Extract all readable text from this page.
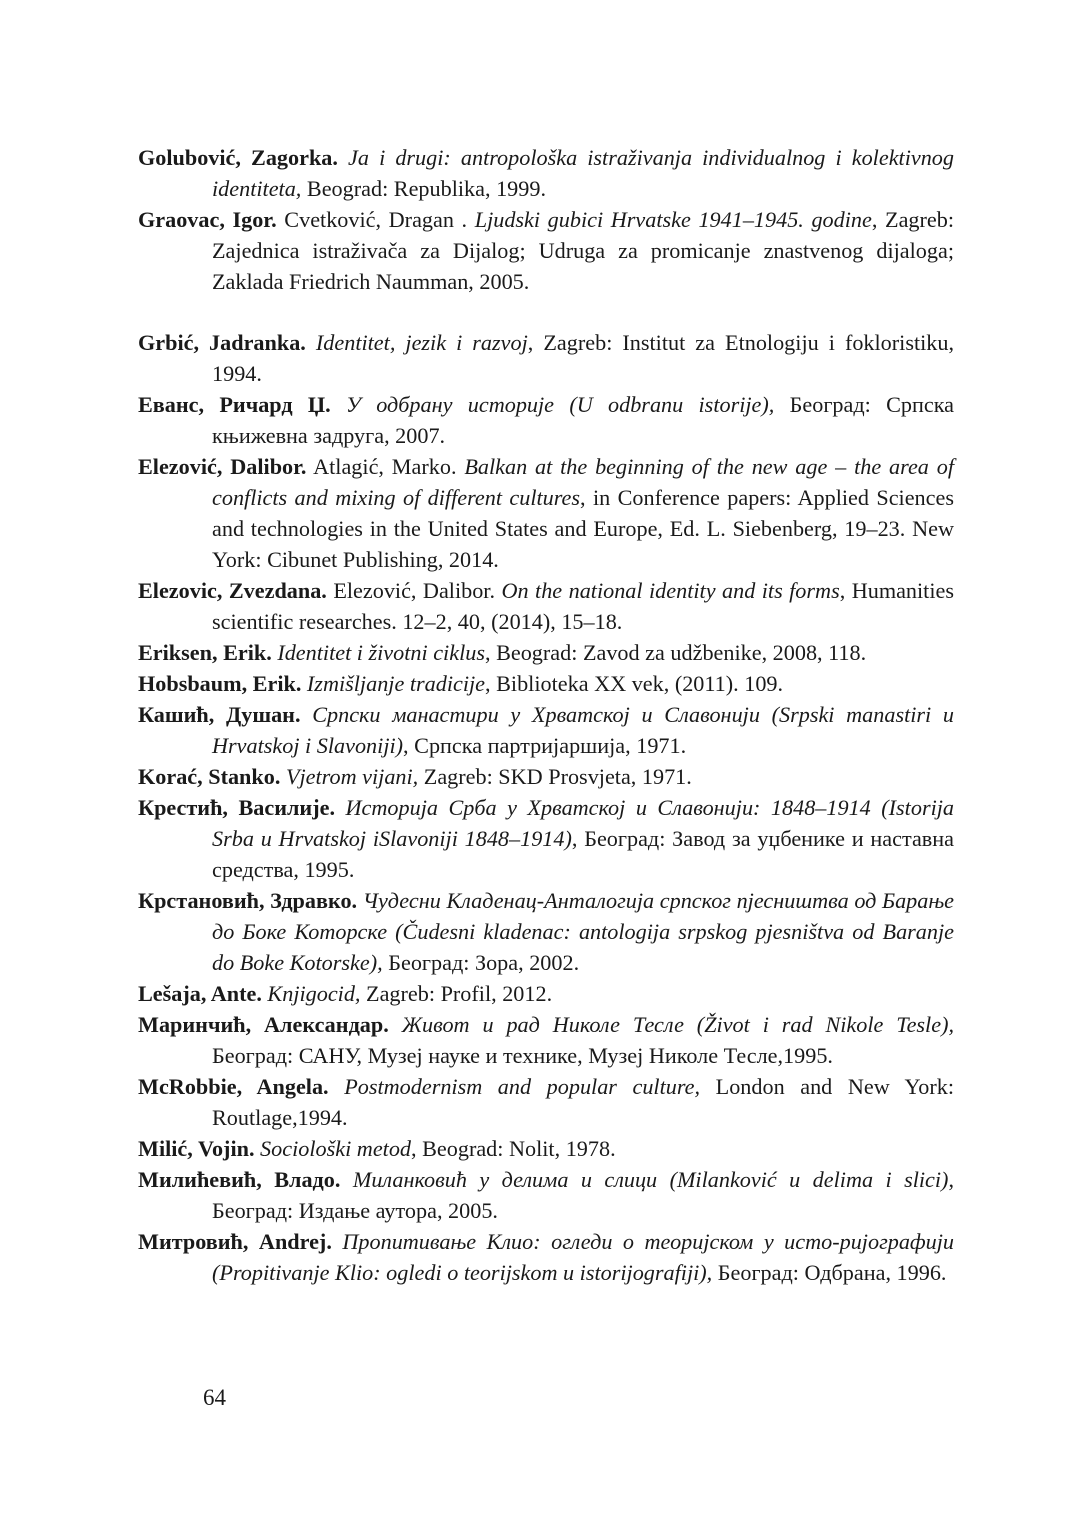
Golubović, Zagorka. Ja i drugi: antropološka istraživanja individualnog i kolektivnog identiteta, Beograd: Republika, 1999.

Graovac, Igor. Cvetković, Dragan . Ljudski gubici Hrvatske 1941–1945. godine, Zagreb: Zajednica istraživača za Dijalog; Udruga za promicanje znastvenog dijaloga; Zaklada Friedrich Naumman, 2005.

Grbić, Jadranka. Identitet, jezik i razvoj, Zagreb: Institut za Etnologiju i fokloristiku, 1994.

Еванс, Ричард Џ. У одбрану историје (U odbranu istorije), Београд: Српска књижевна задруга, 2007.

Elezović, Dalibor. Atlagić, Marko. Balkan at the beginning of the new age – the area of conflicts and mixing of different cultures, in Conference papers: Applied Sciences and technologies in the United States and Europe, Ed. L. Siebenberg, 19–23. New York: Cibunet Publishing, 2014.

Elezovic, Zvezdana. Elezović, Dalibor. On the national identity and its forms, Humanities scientific researches. 12–2, 40, (2014), 15–18.

Eriksen, Erik. Identitet i životni ciklus, Beograd: Zavod za udžbenike, 2008, 118.

Hobsbaum, Erik. Izmišljanje tradicije, Biblioteka XX vek, (2011). 109.

Кашић, Душан. Српски манастири у Хрватској и Славонији (Srpski manastiri u Hrvatskoj i Slavoniji), Српска партријаршија, 1971.

Korać, Stanko. Vjetrom vijani, Zagreb: SKD Prosvjeta, 1971.

Крестић, Василије. Историја Срба у Хрватској и Славонији: 1848–1914 (Istorija Srba u Hrvatskoj iSlavoniji 1848–1914), Београд: Завод за уџбенике и наставна средства, 1995.

Крстановић, Здравко. Чудесни Кладенац-Анталогија српског пјесништва од Барање до Боке Которске (Čudesni kladenac: antologija srpskog pjesništva od Baranje do Boke Kotorske), Београд: Зора, 2002.

Lešaja, Ante. Knjigocid, Zagreb: Profil, 2012.

Маринчић, Александар. Живот и рад Николе Тесле (Život i rad Nikole Tesle), Београд: САНУ, Музеј науке и технике, Музеј Николе Тесле,1995.

McRobbie, Angela. Postmodernism and popular culture, London and New York: Routlage,1994.

Milić, Vojin. Sociološki metod, Beograd: Nolit, 1978.

Милићевић, Владо. Миланковић у делима и слици (Milanković u delima i slici), Београд: Издање аутора, 2005.

Митровић, Andrej. Пропитивање Клио: огледи о теоријском у исто-ријографији (Propitivanje Klio: ogledi o teorijskom u istorijografiji), Београд: Одбрана, 1996.

64
